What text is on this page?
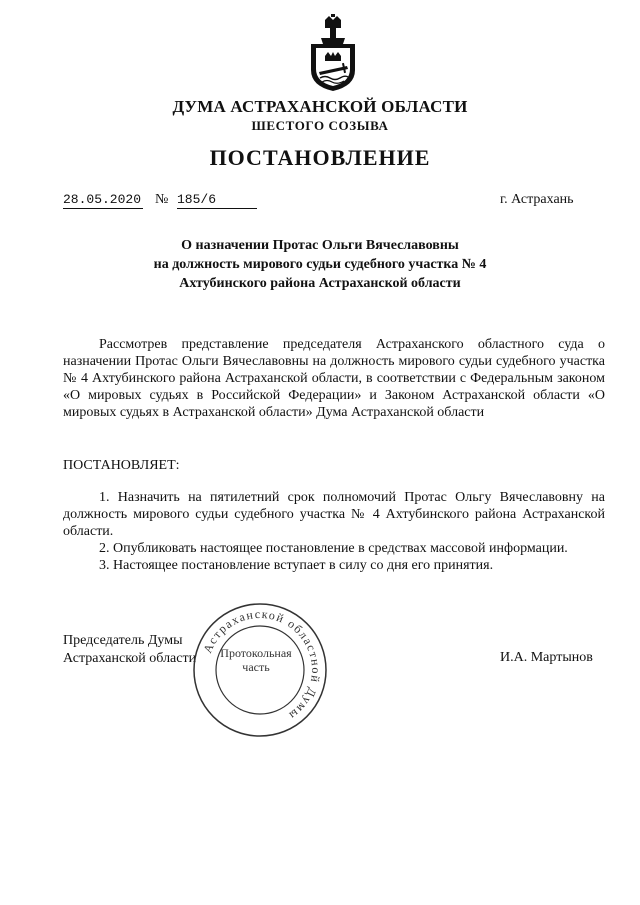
ДУМА АСТРАХАНСКОЙ ОБЛАСТИ
ШЕСТОГО СОЗЫВА
ПОСТАНОВЛЕНИЕ
28.05.2020 № 185/6	г. Астрахань
О назначении Протас Ольги Вячеславовны
на должность мирового судьи судебного участка № 4
Ахтубинского района Астраханской области
Рассмотрев представление председателя Астраханского областного суда о назначении Протас Ольги Вячеславовны на должность мирового судьи судебного участка № 4 Ахтубинского района Астраханской области, в соответствии с Федеральным законом «О мировых судьях в Российской Федерации» и Законом Астраханской области «О мировых судьях в Астраханской области» Дума Астраханской области
ПОСТАНОВЛЯЕТ:

1. Назначить на пятилетний срок полномочий Протас Ольгу Вячеславовну на должность мирового судьи судебного участка № 4 Ахтубинского района Астраханской области.

2. Опубликовать настоящее постановление в средствах массовой информации.

3. Настоящее постановление вступает в силу со дня его принятия.

Председатель Думы
Астраханской области	И.А. Мартынов
Астраханской областной Думы
Протокольная
часть
